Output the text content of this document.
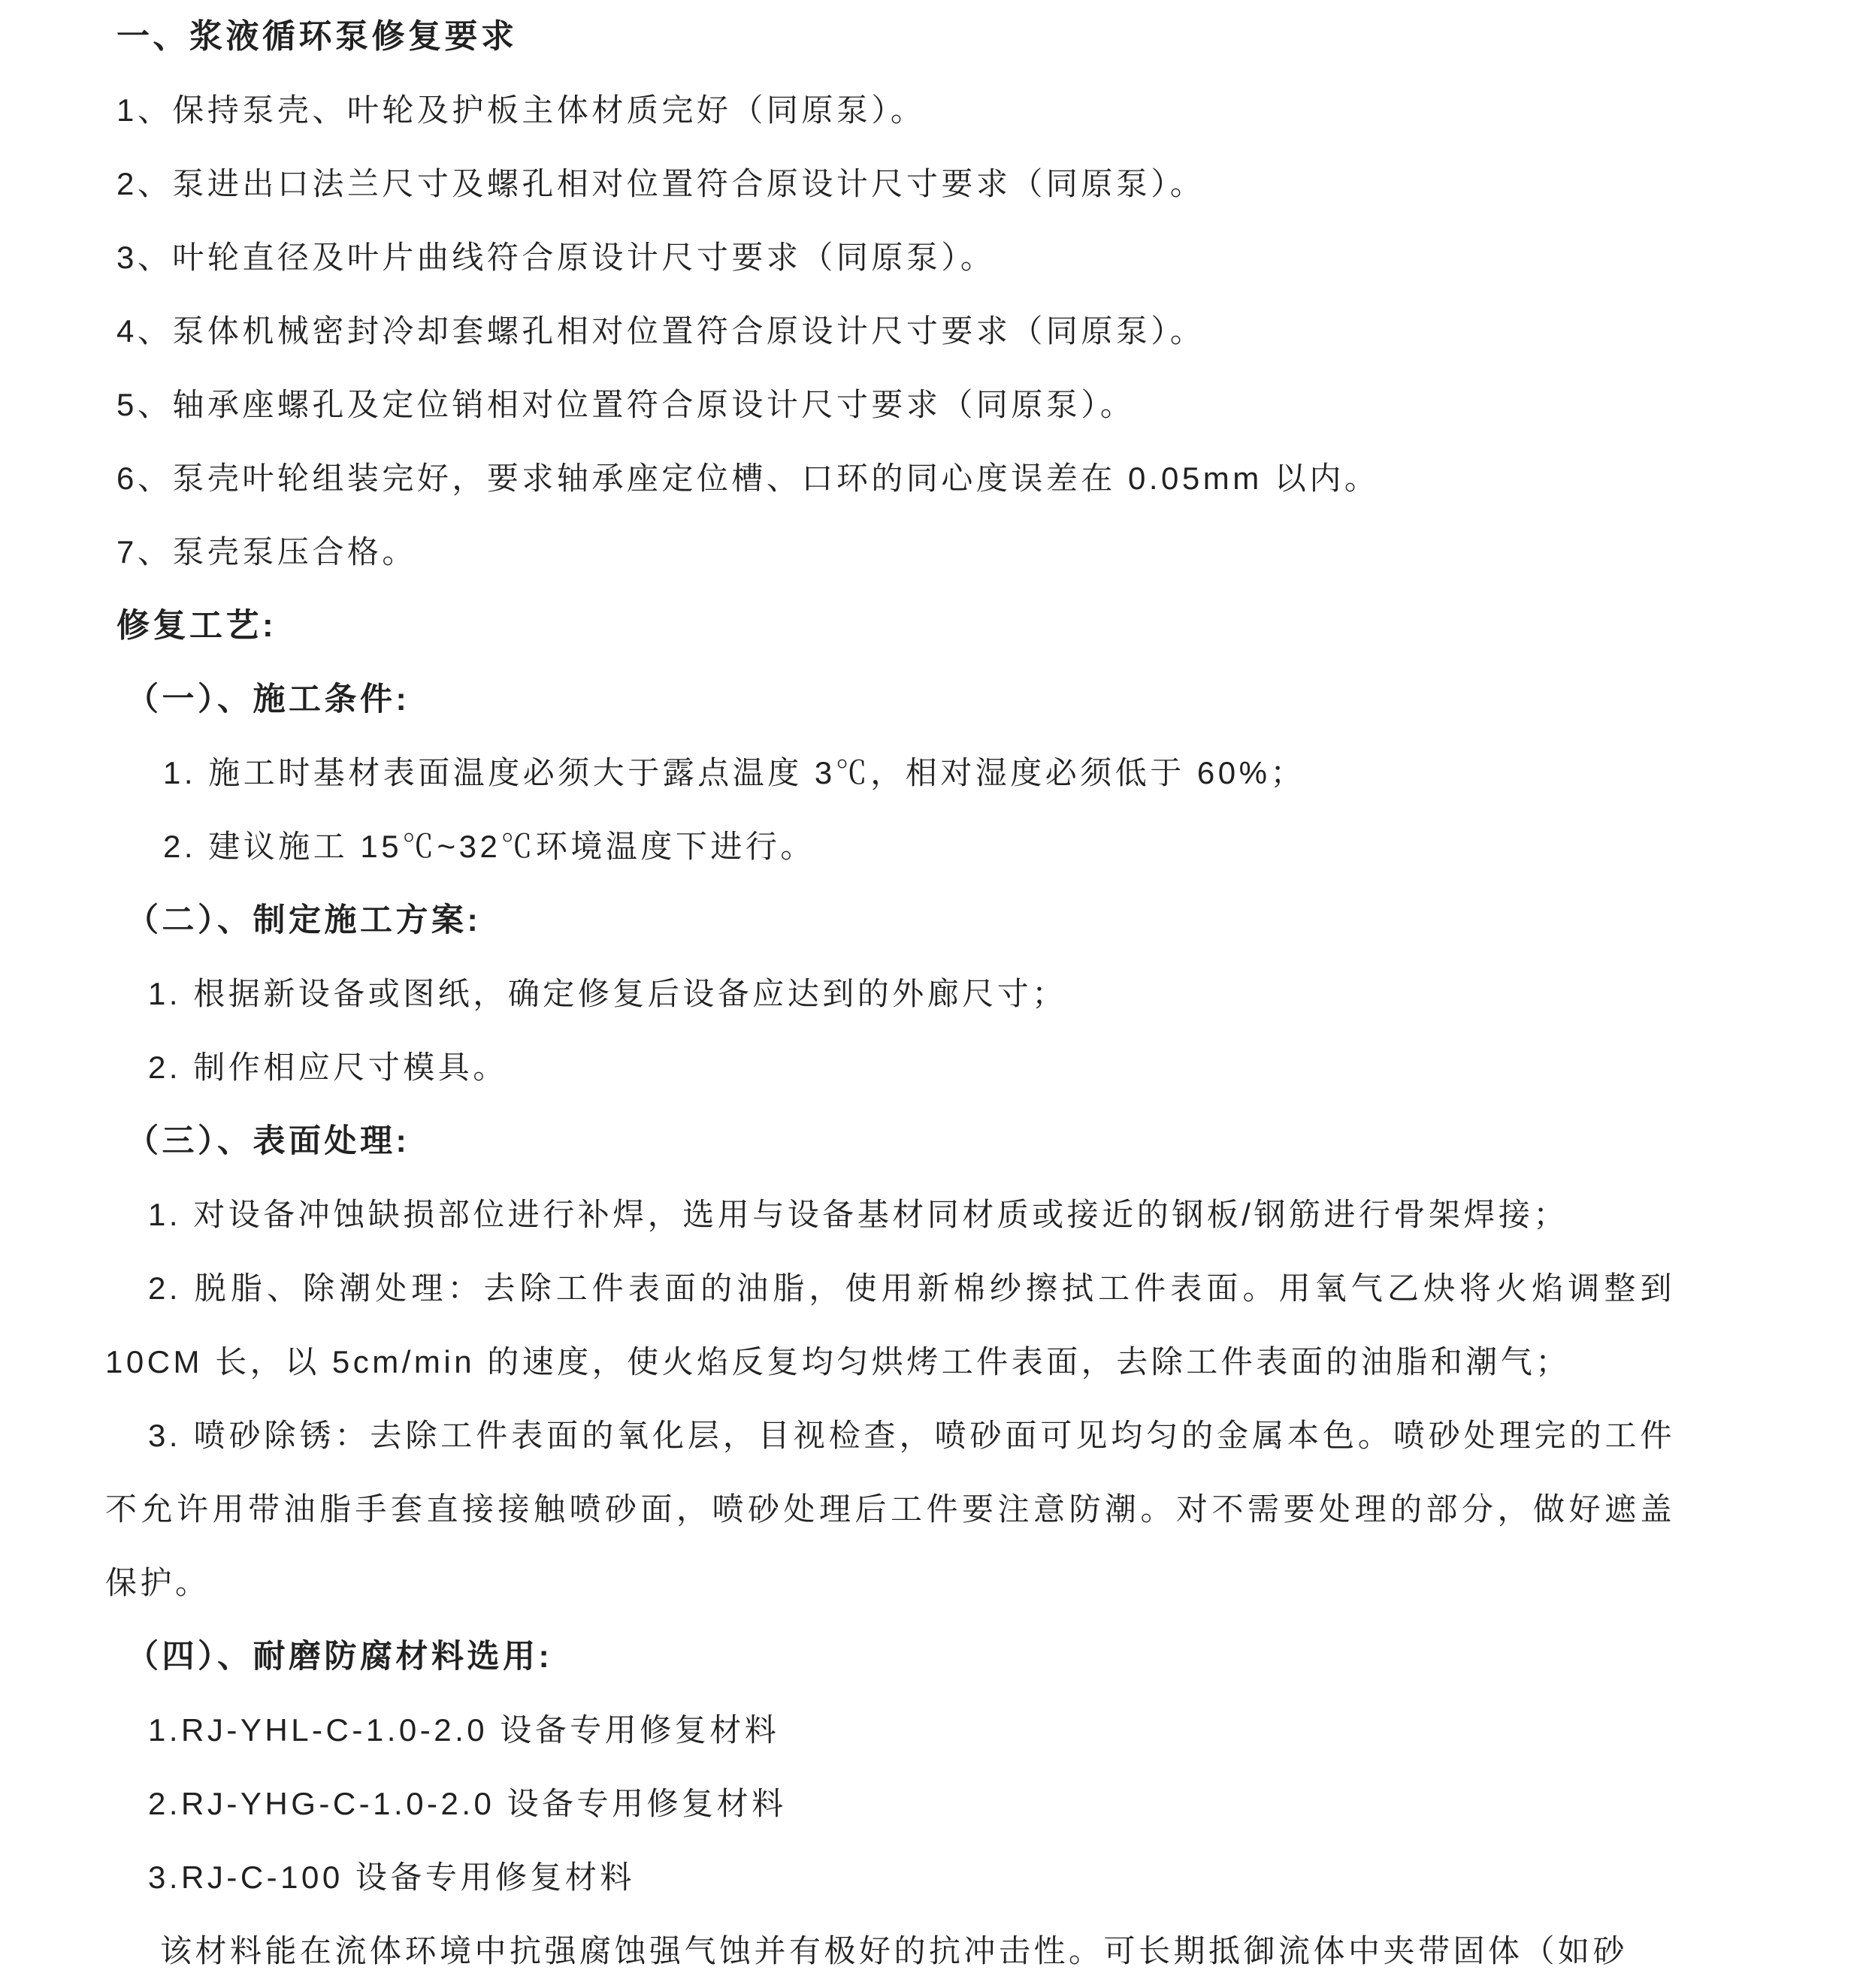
一、浆液循环泵修复要求

1、保持泵壳、叶轮及护板主体材质完好（同原泵）。

2、泵进出口法兰尺寸及螺孔相对位置符合原设计尺寸要求（同原泵）。

3、叶轮直径及叶片曲线符合原设计尺寸要求（同原泵）。

4、泵体机械密封冷却套螺孔相对位置符合原设计尺寸要求（同原泵）。

5、轴承座螺孔及定位销相对位置符合原设计尺寸要求（同原泵）。

6、泵壳叶轮组装完好，要求轴承座定位槽、口环的同心度误差在 0.05mm 以内。

7、泵壳泵压合格。

修复工艺:
（一）、施工条件:

1. 施工时基材表面温度必须大于露点温度 3℃，相对湿度必须低于 60%；

2. 建议施工 15℃~32℃环境温度下进行。

（二）、制定施工方案:

1. 根据新设备或图纸，确定修复后设备应达到的外廊尺寸；

2. 制作相应尺寸模具。

（三）、表面处理:

1. 对设备冲蚀缺损部位进行补焊，选用与设备基材同材质或接近的钢板/钢筋进行骨架焊接；

2. 脱脂、除潮处理：去除工件表面的油脂，使用新棉纱擦拭工件表面。用氧气乙炔将火焰调整到 10CM 长，以 5cm/min 的速度，使火焰反复均匀烘烤工件表面，去除工件表面的油脂和潮气；

3. 喷砂除锈：去除工件表面的氧化层，目视检查，喷砂面可见均匀的金属本色。喷砂处理完的工件不允许用带油脂手套直接接触喷砂面，喷砂处理后工件要注意防潮。对不需要处理的部分，做好遮盖保护。

（四）、耐磨防腐材料选用:

1.RJ-YHL-C-1.0-2.0 设备专用修复材料

2.RJ-YHG-C-1.0-2.0 设备专用修复材料

3.RJ-C-100 设备专用修复材料

该材料能在流体环境中抗强腐蚀强气蚀并有极好的抗冲击性。可长期抵御流体中夹带固体（如砂
